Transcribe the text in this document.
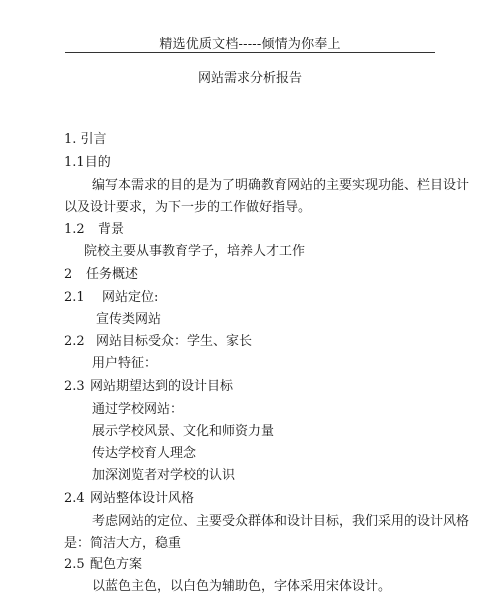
精选优质文档-----倾情为你奉上
网站需求分析报告
1. 引言
1.1目的
编写本需求的目的是为了明确教育网站的主要实现功能、栏目设计
以及设计要求，为下一步的工作做好指导。
1.2 背景
院校主要从事教育学子，培养人才工作
2 任务概述
2.1 网站定位:
宣传类网站
2.2 网站目标受众：学生、家长
用户特征：
2.3 网站期望达到的设计目标
通过学校网站：
展示学校风景、文化和师资力量
传达学校育人理念
加深浏览者对学校的认识
2.4 网站整体设计风格
考虑网站的定位、主要受众群体和设计目标，我们采用的设计风格
是：简洁大方，稳重
2.5 配色方案
以蓝色主色，以白色为辅助色，字体采用宋体设计。
